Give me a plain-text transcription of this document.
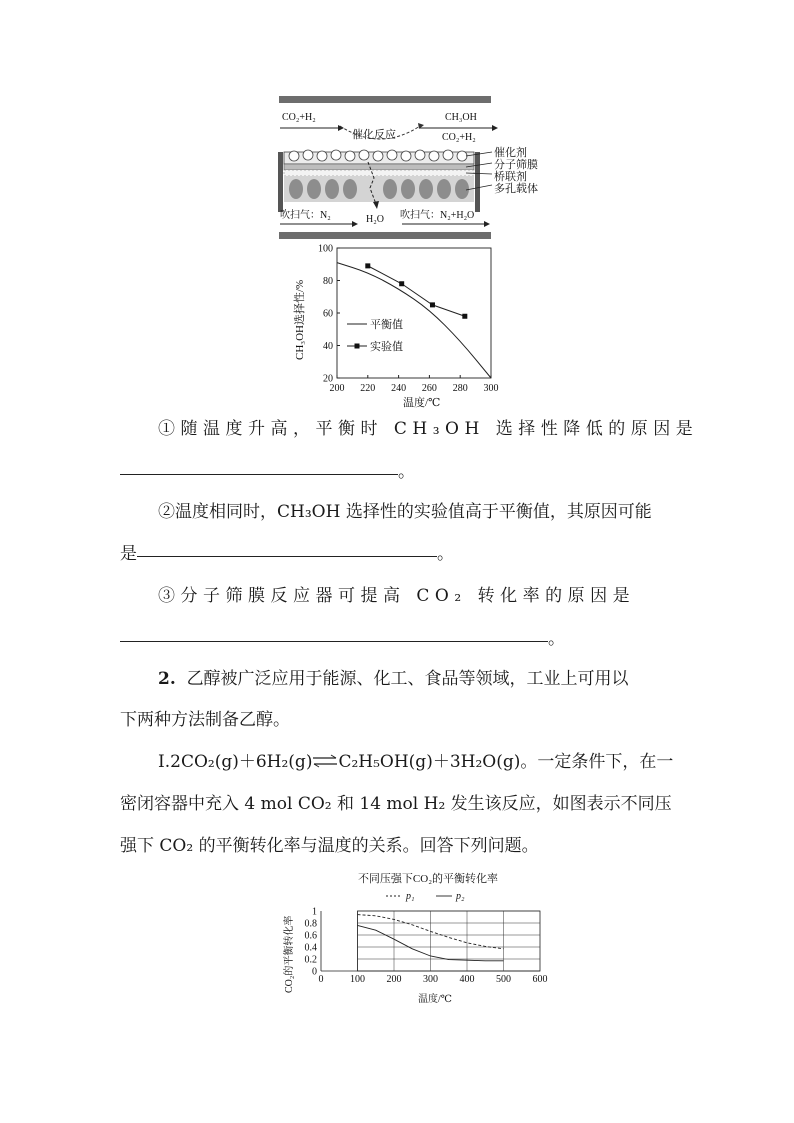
CO₂+H₂
催化反应
CH₃OH
CO₂+H₂
H₂O
催化剂
分子筛膜
桥联剂
多孔载体
吹扫气：N₂	吹扫气：N₂+H₂O
CH₃OH选择性/%
温度/℃
200 220 240 260 280 300
20
40
60
80
100
平衡值
实验值
①随温度升高，平衡时 CH₃OH 选择性降低的原因是
。
②温度相同时，CH₃OH 选择性的实验值高于平衡值，其原因可能
是	。
③分子筛膜反应器可提高 CO₂ 转化率的原因是
。
2. 乙醇被广泛应用于能源、化工、食品等领域，工业上可用以
下两种方法制备乙醇。
Ⅰ.2CO₂(g)＋6H₂(g)⇌C₂H₅OH(g)＋3H₂O(g)。一定条件下，在一
密闭容器中充入 4 mol CO₂ 和 14 mol H₂ 发生该反应，如图表示不同压
强下 CO₂ 的平衡转化率与温度的关系。回答下列问题。
不同压强下CO₂的平衡转化率
CO₂的平衡转化率
温度/℃
0
0.2
0.4
0.6
0.8
1
0	100 200 300 400 500 600
p₁	p₂
